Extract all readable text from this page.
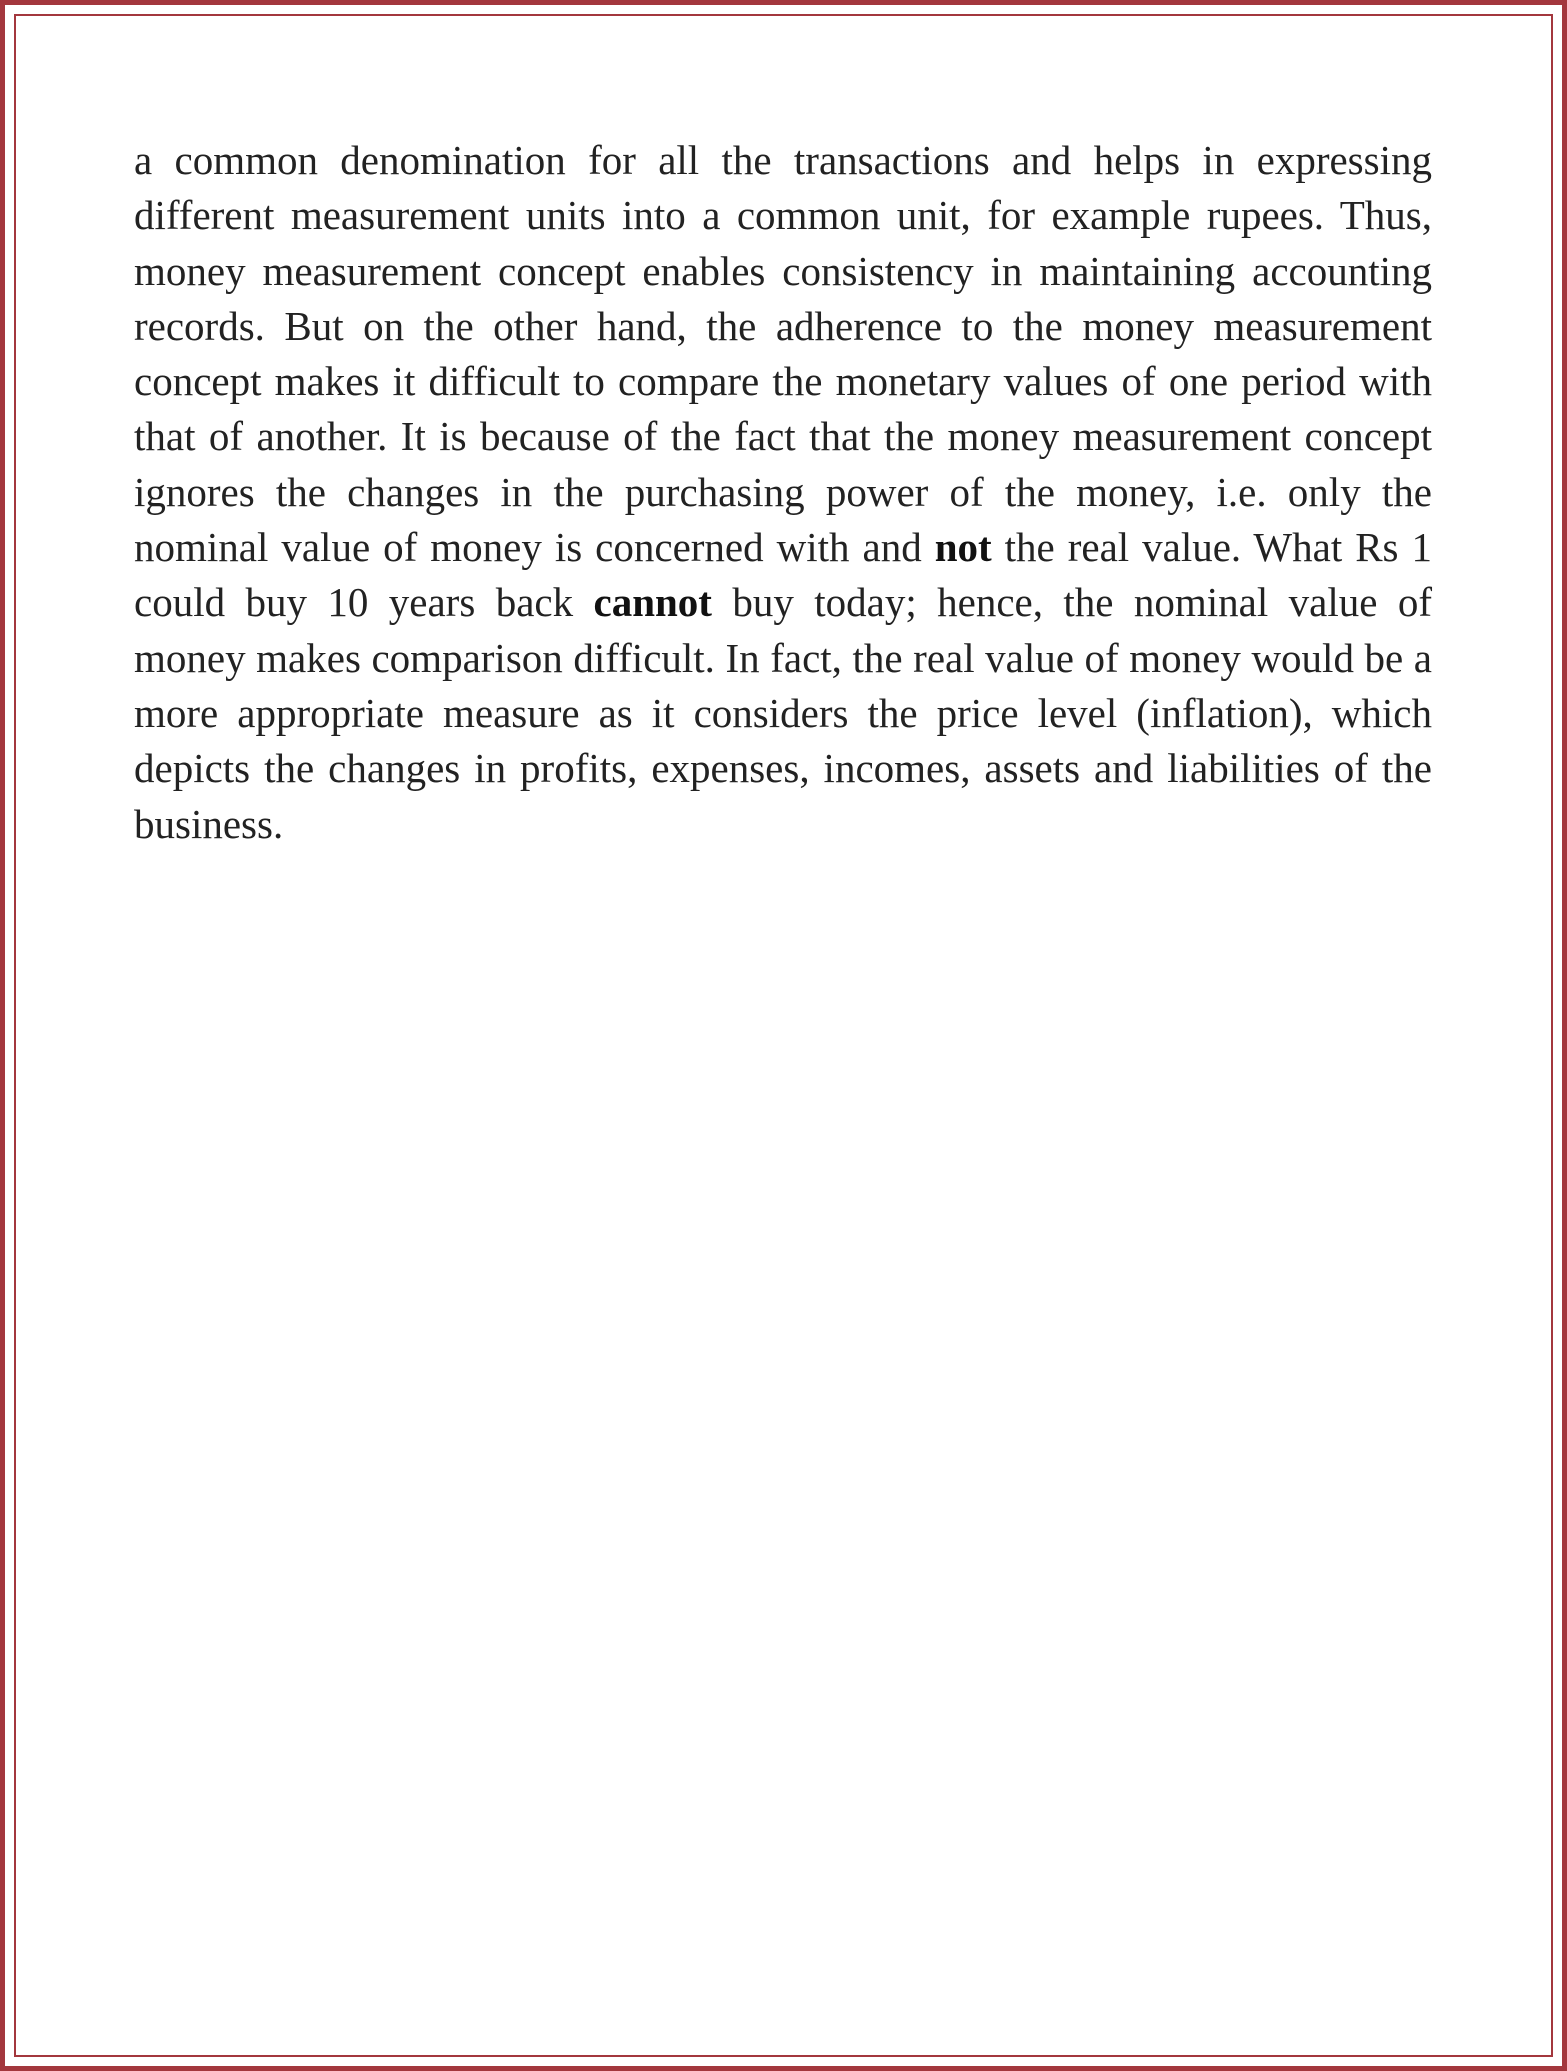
a common denomination for all the transactions and helps in expressing different measurement units into a common unit, for example rupees. Thus, money measurement concept enables consistency in maintaining accounting records. But on the other hand, the adherence to the money measurement concept makes it difficult to compare the monetary values of one period with that of another. It is because of the fact that the money measurement concept ignores the changes in the purchasing power of the money, i.e. only the nominal value of money is concerned with and not the real value. What Rs 1 could buy 10 years back cannot buy today; hence, the nominal value of money makes comparison difficult. In fact, the real value of money would be a more appropriate measure as it considers the price level (inflation), which depicts the changes in profits, expenses, incomes, assets and liabilities of the business.
